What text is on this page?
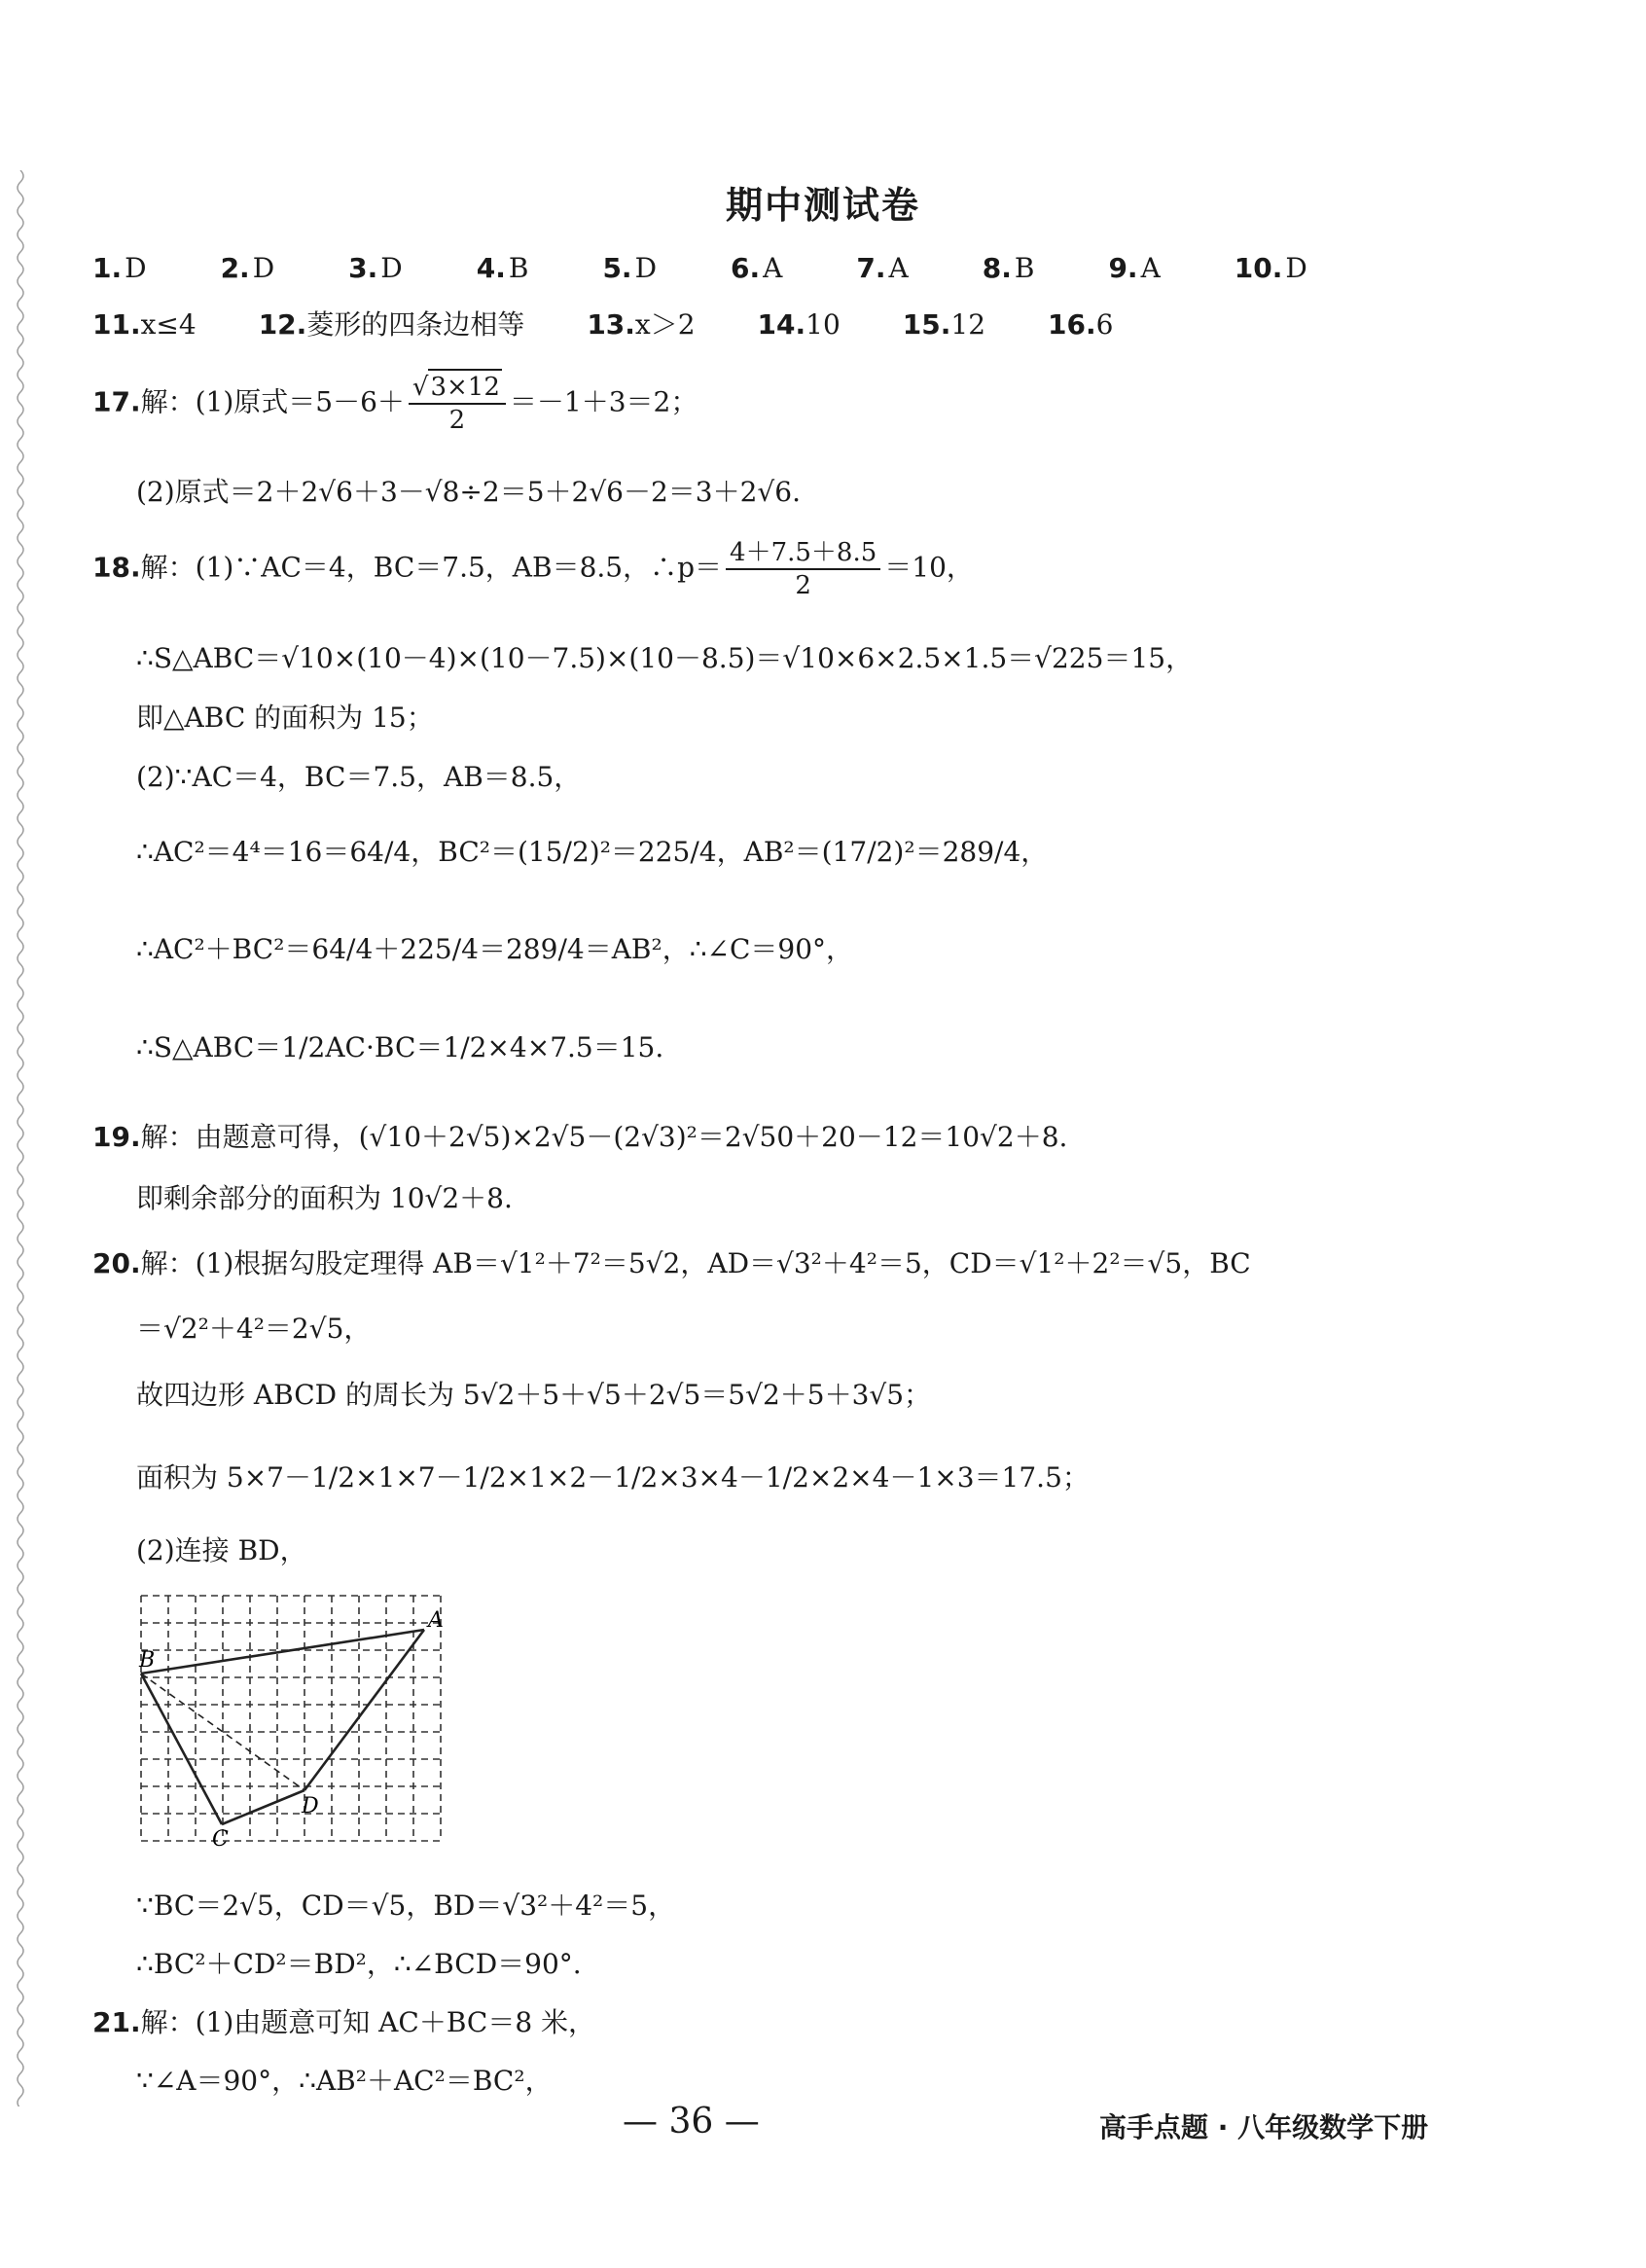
期中测试卷
1. D	2. D	3. D	4. B	5. D	6. A	7. A	8. B	9. A	10. D
11.x≤4 12.菱形的四条边相等 13.x＞2 14.10 15.12 16.6
17.解：(1)原式＝5－6＋
√ $\frac{3\times 12}{2} =-1+3=2$；
(2)原式＝2＋2√6＋3－√8÷2＝5＋2√6－2＝3＋2√6.
18.解：(1)∵AC＝4，BC＝7.5，AB＝8.5，∴p＝ $\frac{4+7.5+8.5}{2} =10$，
∴S△ABC＝√10×(10－4)×(10－7.5)×(10－8.5)＝√10×6×2.5×1.5＝√225＝15，
即△ABC 的面积为 15；
(2)∵AC＝4，BC＝7.5，AB＝8.5，
∴AC²＝4⁴＝16＝64/4，BC²＝(15/2)²＝225/4，AB²＝(17/2)²＝289/4，
∴AC²＋BC²＝64/4＋225/4＝289/4＝AB²，∴∠C＝90°，
∴S△ABC＝1/2AC·BC＝1/2×4×7.5＝15.
19.解：由题意可得，(√10＋2√5)×2√5－(2√3)²＝2√50＋20－12＝10√2＋8.
即剩余部分的面积为 10√2＋8.
20.解：(1)根据勾股定理得 AB＝√1²＋7²＝5√2，AD＝√3²＋4²＝5，CD＝√1²＋2²＝√5，BC
＝√2²＋4²＝2√5，
故四边形 ABCD 的周长为 5√2＋5＋√5＋2√5＝5√2＋5＋3√5；
面积为 5×7－1/2×1×7－1/2×1×2－1/2×3×4－1/2×2×4－1×3＝17.5；
(2)连接 BD，
A
B
C
D
∵BC＝2√5，CD＝√5，BD＝√3²＋4²＝5，
∴BC²＋CD²＝BD²，∴∠BCD＝90°.
21.解：(1)由题意可知 AC＋BC＝8 米，
∵∠A＝90°，∴AB²＋AC²＝BC²，
— 36 —	高手点题 · 八年级数学下册
